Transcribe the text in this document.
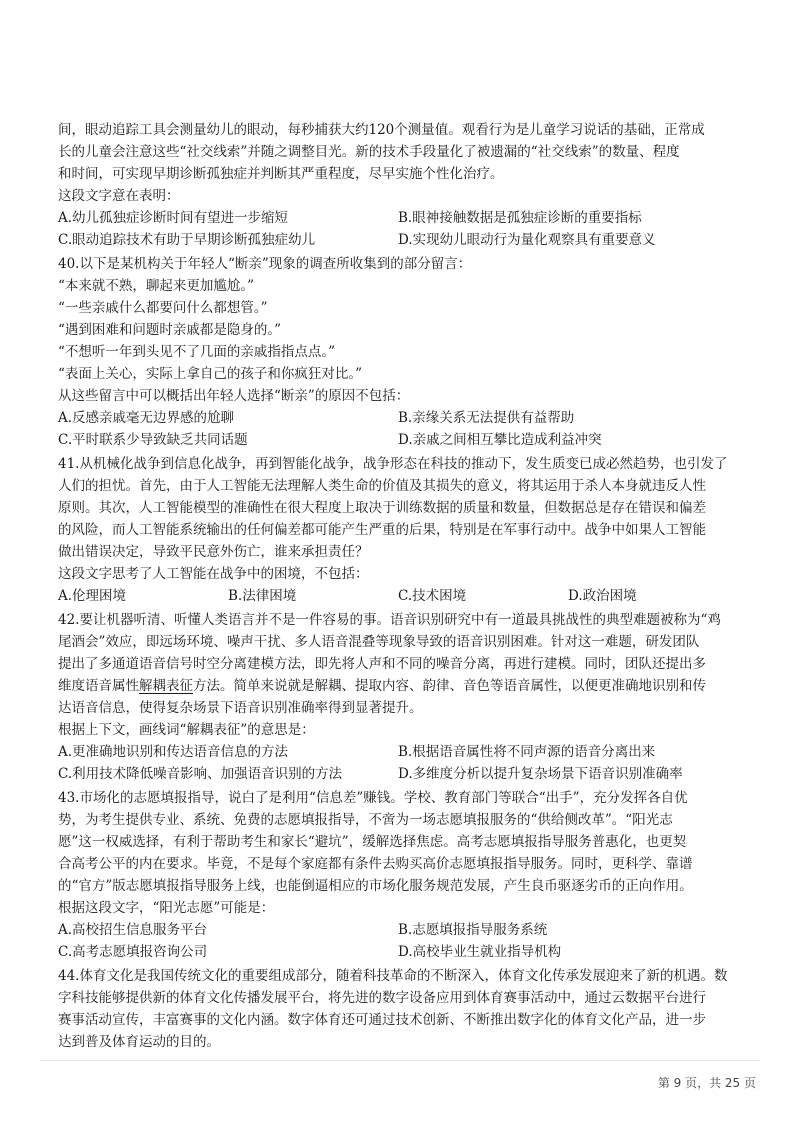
间，眼动追踪工具会测量幼儿的眼动，每秒捕获大约120个测量值。观看行为是儿童学习说话的基础，正常成

长的儿童会注意这些“社交线索”并随之调整目光。新的技术手段量化了被遗漏的“社交线索”的数量、程度

和时间，可实现早期诊断孤独症并判断其严重程度，尽早实施个性化治疗。

这段文字意在表明：

A.幼儿孤独症诊断时间有望进一步缩短	B.眼神接触数据是孤独症诊断的重要指标

C.眼动追踪技术有助于早期诊断孤独症幼儿	D.实现幼儿眼动行为量化观察具有重要意义

40.以下是某机构关于年轻人“断亲”现象的调查所收集到的部分留言：

“本来就不熟，聊起来更加尴尬。”

“一些亲戚什么都要问什么都想管。”

“遇到困难和问题时亲戚都是隐身的。”

“不想听一年到头见不了几面的亲戚指指点点。”

“表面上关心，实际上拿自己的孩子和你疯狂对比。”

从这些留言中可以概括出年轻人选择“断亲”的原因不包括：

A.反感亲戚毫无边界感的尬聊	B.亲缘关系无法提供有益帮助

C.平时联系少导致缺乏共同话题	D.亲戚之间相互攀比造成利益冲突

41.从机械化战争到信息化战争，再到智能化战争，战争形态在科技的推动下，发生质变已成必然趋势，也引发了

人们的担忧。首先，由于人工智能无法理解人类生命的价值及其损失的意义，将其运用于杀人本身就违反人性

原则。其次，人工智能模型的准确性在很大程度上取决于训练数据的质量和数量，但数据总是存在错误和偏差

的风险，而人工智能系统输出的任何偏差都可能产生严重的后果，特别是在军事行动中。战争中如果人工智能

做出错误决定，导致平民意外伤亡，谁来承担责任？

这段文字思考了人工智能在战争中的困境，不包括：

A.伦理困境	B.法律困境	C.技术困境	D.政治困境

42.要让机器听清、听懂人类语言并不是一件容易的事。语音识别研究中有一道最具挑战性的典型难题被称为“鸡

尾酒会”效应，即远场环境、噪声干扰、多人语音混叠等现象导致的语音识别困难。针对这一难题，研发团队

提出了多通道语音信号时空分离建模方法，即先将人声和不同的噪音分离，再进行建模。同时，团队还提出多

维度语音属性解耦表征方法。简单来说就是解耦、提取内容、韵律、音色等语音属性，以便更准确地识别和传

达语音信息，使得复杂场景下语音识别准确率得到显著提升。

根据上下文，画线词“解耦表征”的意思是：

A.更准确地识别和传达语音信息的方法	B.根据语音属性将不同声源的语音分离出来

C.利用技术降低噪音影响、加强语音识别的方法	D.多维度分析以提升复杂场景下语音识别准确率

43.市场化的志愿填报指导，说白了是利用“信息差”赚钱。学校、教育部门等联合“出手”，充分发挥各自优

势，为考生提供专业、系统、免费的志愿填报指导，不啻为一场志愿填报服务的“供给侧改革”。“阳光志

愿”这一权威选择，有利于帮助考生和家长“避坑”，缓解选择焦虑。高考志愿填报指导服务普惠化，也更契

合高考公平的内在要求。毕竟，不是每个家庭都有条件去购买高价志愿填报指导服务。同时，更科学、靠谱

的“官方”版志愿填报指导服务上线，也能倒逼相应的市场化服务规范发展，产生良币驱逐劣币的正向作用。

根据这段文字，“阳光志愿”可能是：

A.高校招生信息服务平台	B.志愿填报指导服务系统

C.高考志愿填报咨询公司	D.高校毕业生就业指导机构

44.体育文化是我国传统文化的重要组成部分，随着科技革命的不断深入，体育文化传承发展迎来了新的机遇。数

字科技能够提供新的体育文化传播发展平台，将先进的数字设备应用到体育赛事活动中，通过云数据平台进行

赛事活动宣传，丰富赛事的文化内涵。数字体育还可通过技术创新、不断推出数字化的体育文化产品，进一步

达到普及体育运动的目的。

第 9 页，共 25 页
